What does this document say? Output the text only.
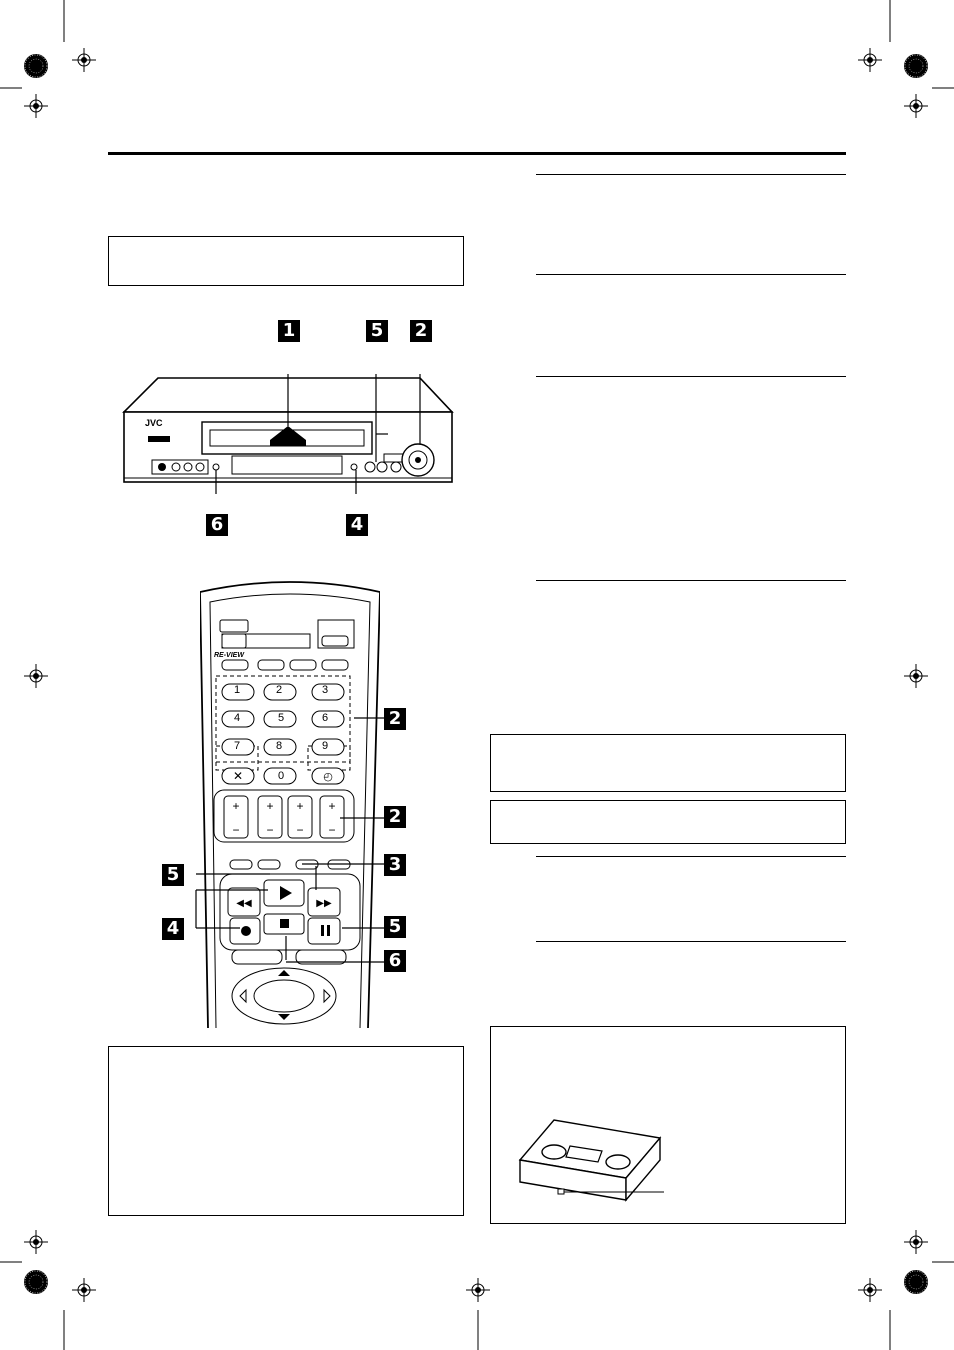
JVC
1	5 2
6	4
✕	◴
+
−
+
−
+
−
+
−
◀◀	▶▶
RE-VIEW
1	2	3
4	5	6
7	8	9
0
2
2
3
5
6
5
4
